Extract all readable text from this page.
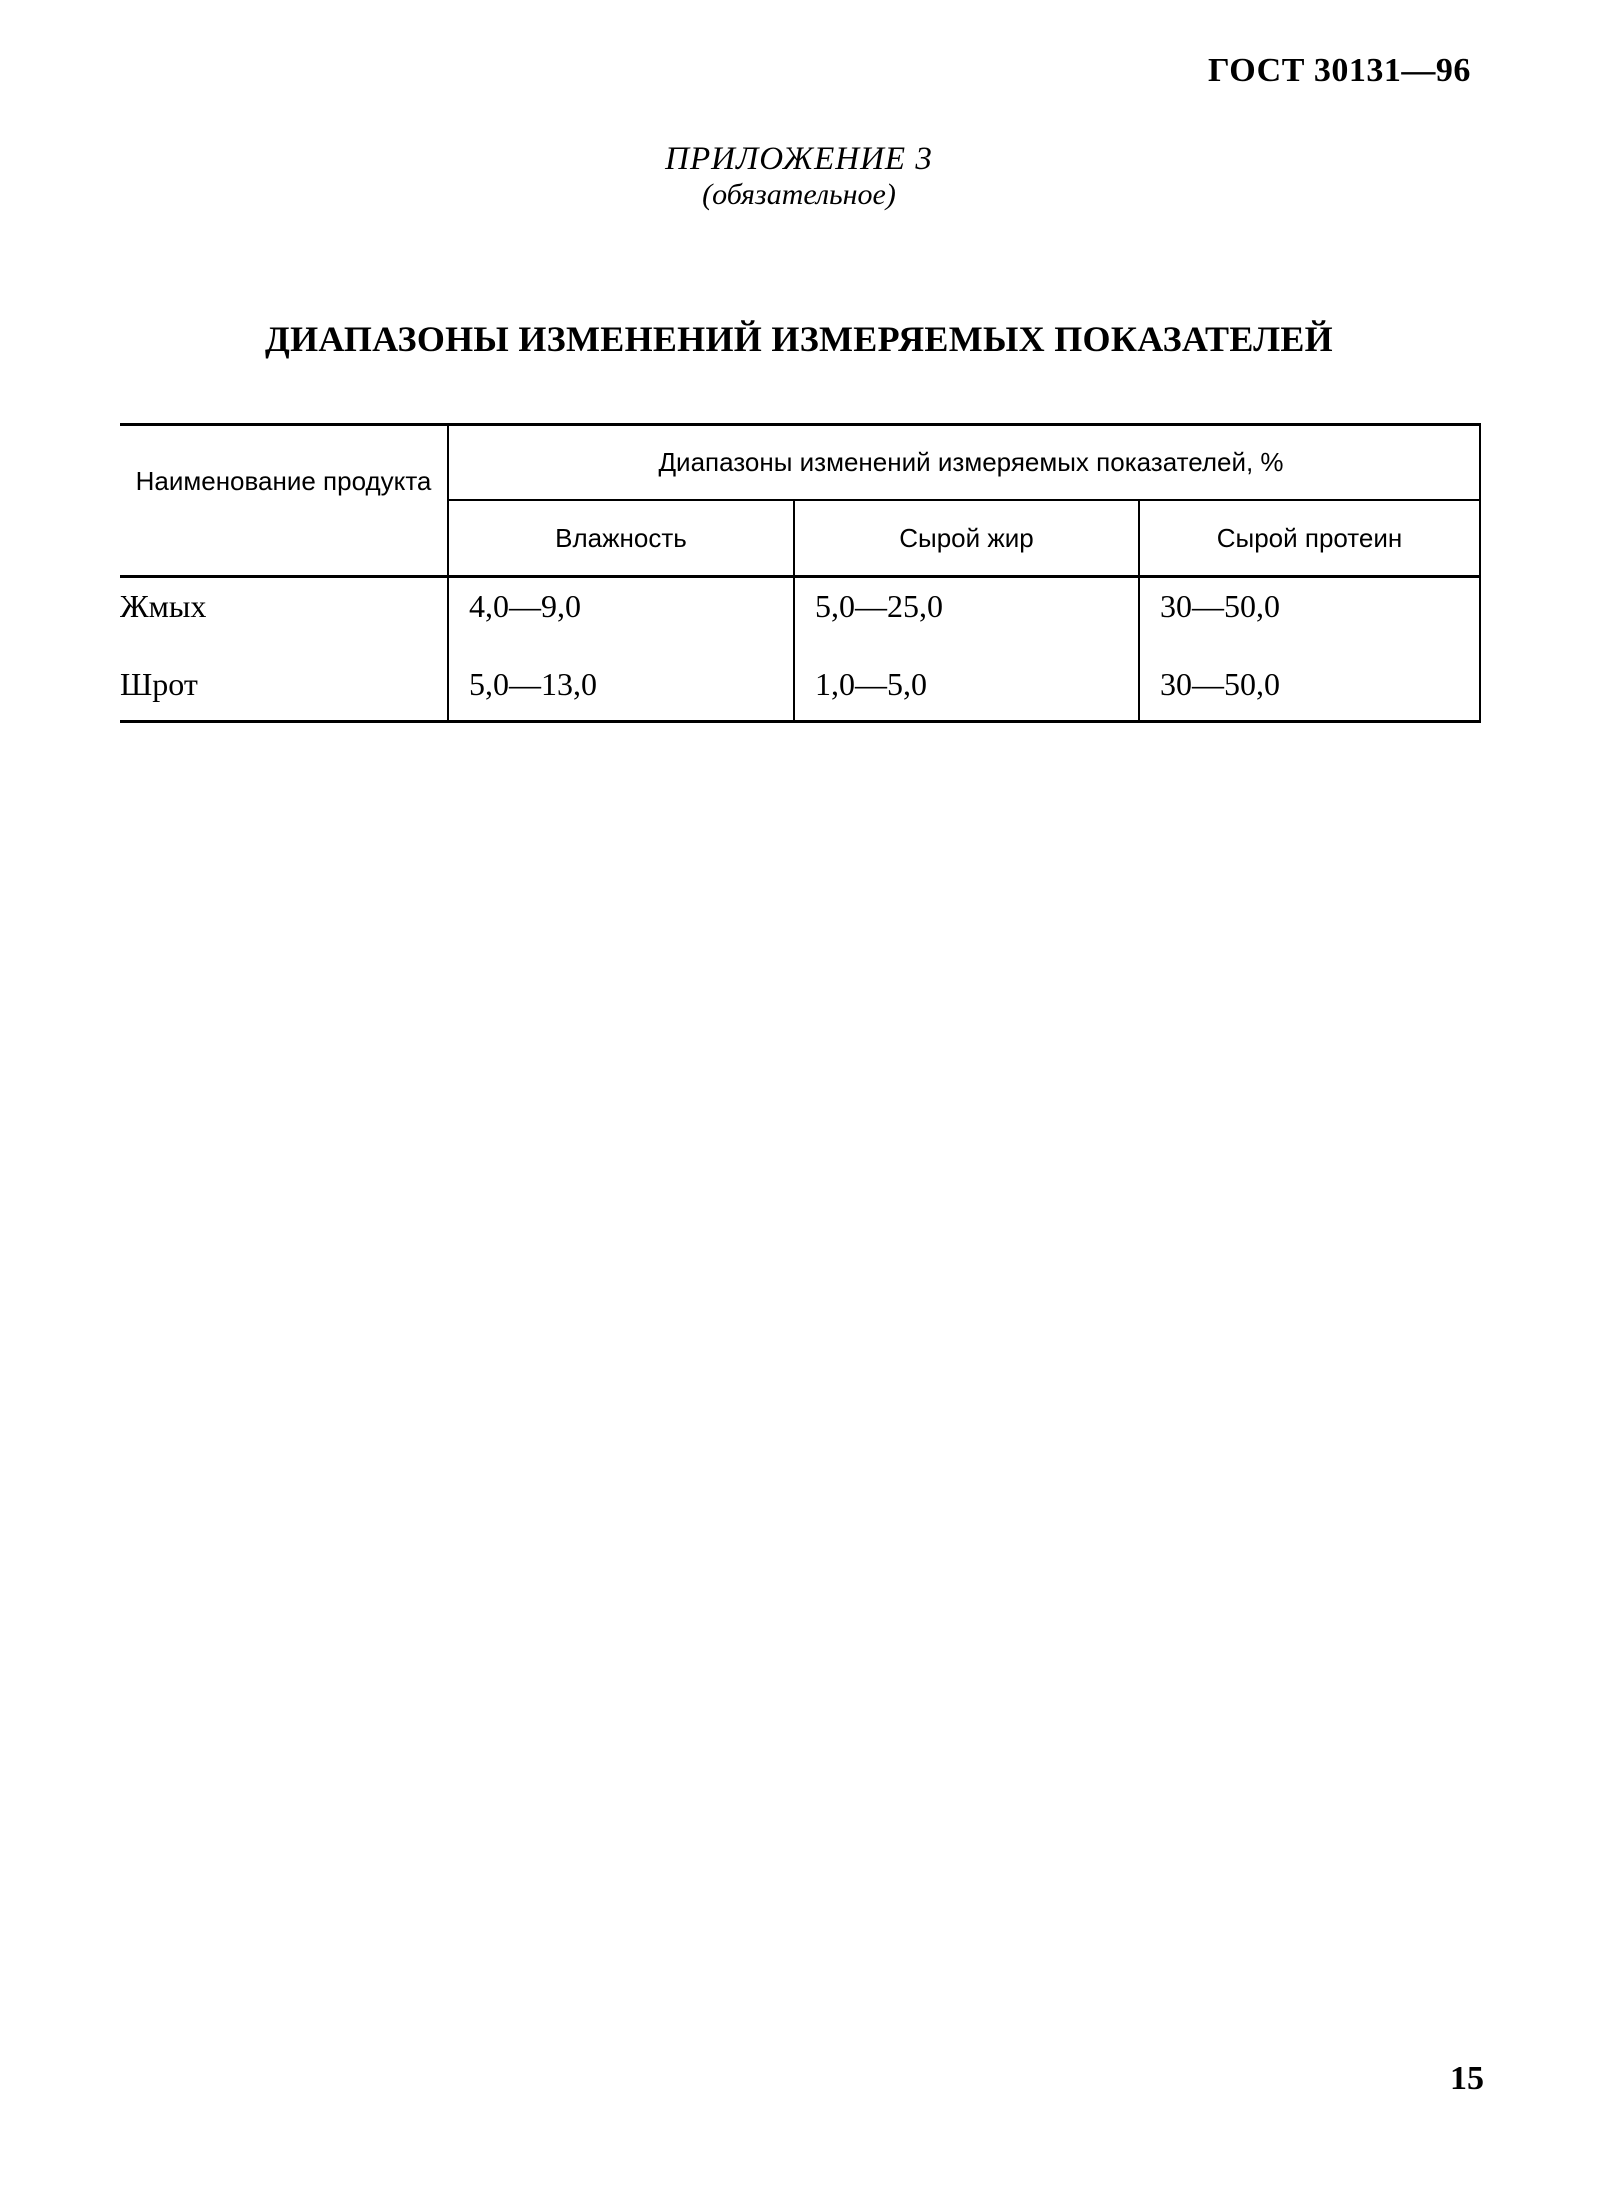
ГОСТ 30131—96
ПРИЛОЖЕНИЕ 3
(обязательное)
ДИАПАЗОНЫ ИЗМЕНЕНИЙ ИЗМЕРЯЕМЫХ ПОКАЗАТЕЛЕЙ
Наименование продукта	Диапазоны изменений измеряемых показателей, %		
	Влажность	Сырой жир	Сырой протеин
Жмых	4,0—9,0	5,0—25,0	30—50,0
Шрот	5,0—13,0	1,0—5,0	30—50,0
15
